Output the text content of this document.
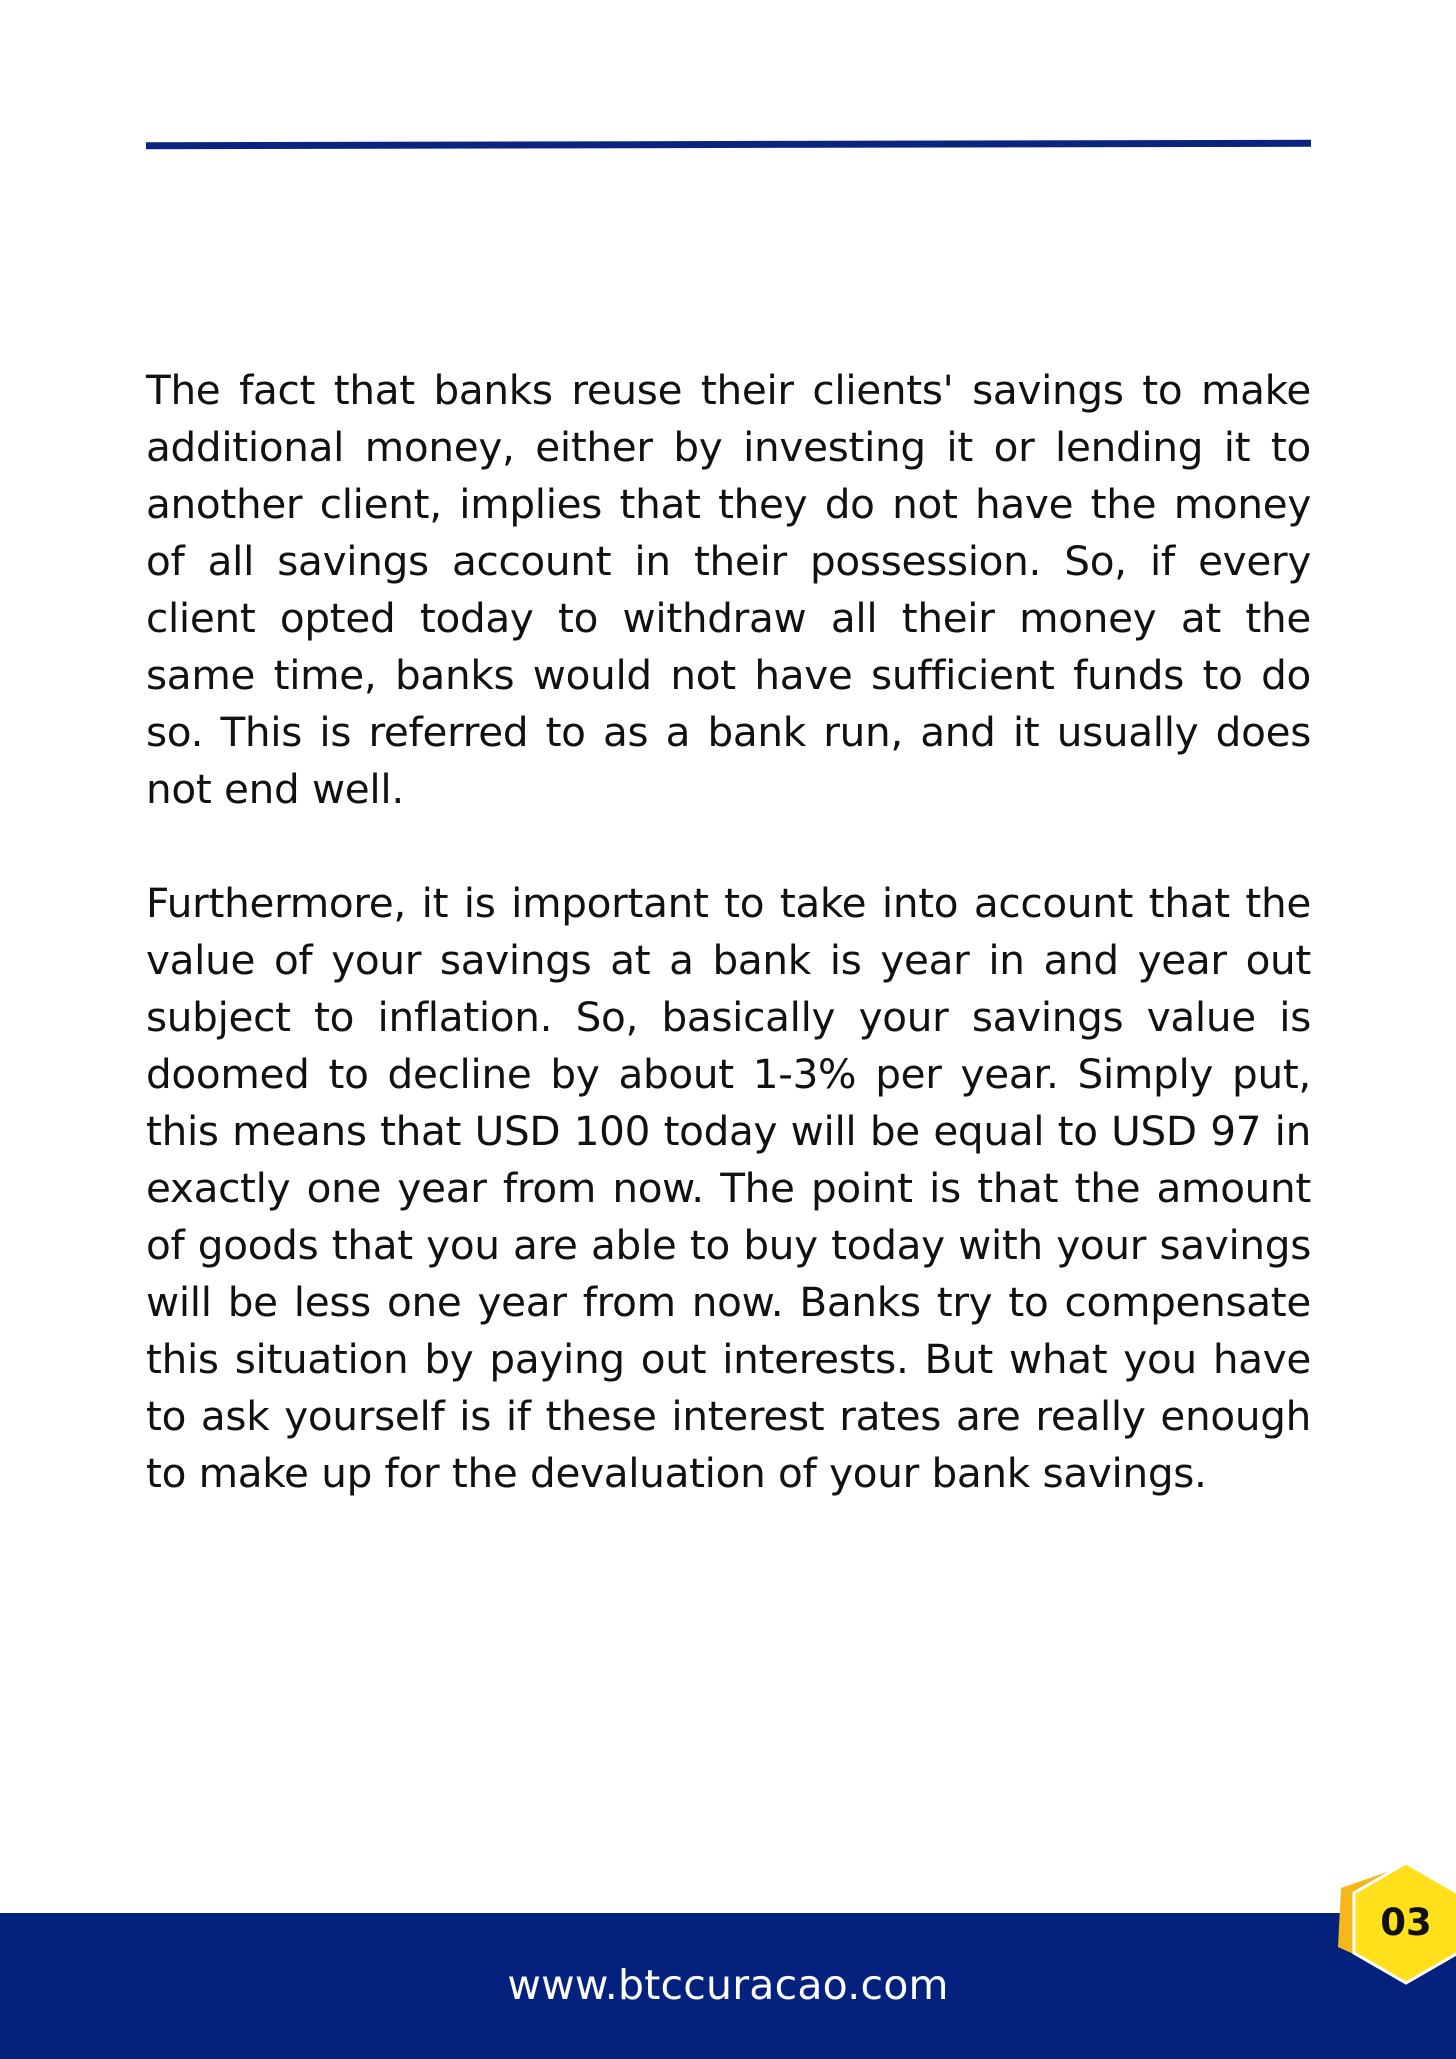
The fact that banks reuse their clients' savings to make additional money, either by investing it or lending it to another client, implies that they do not have the money of all savings account in their possession. So, if every client opted today to withdraw all their money at the same time, banks would not have sufficient funds to do so. This is referred to as a bank run, and it usually does not end well.

Furthermore, it is important to take into account that the value of your savings at a bank is year in and year out subject to inflation. So, basically your savings value is doomed to decline by about 1-3% per year. Simply put, this means that USD 100 today will be equal to USD 97 in exactly one year from now. The point is that the amount of goods that you are able to buy today with your savings will be less one year from now. Banks try to compensate this situation by paying out interests. But what you have to ask yourself is if these interest rates are really enough to make up for the devaluation of your bank savings.

www.btccuracao.com
03
